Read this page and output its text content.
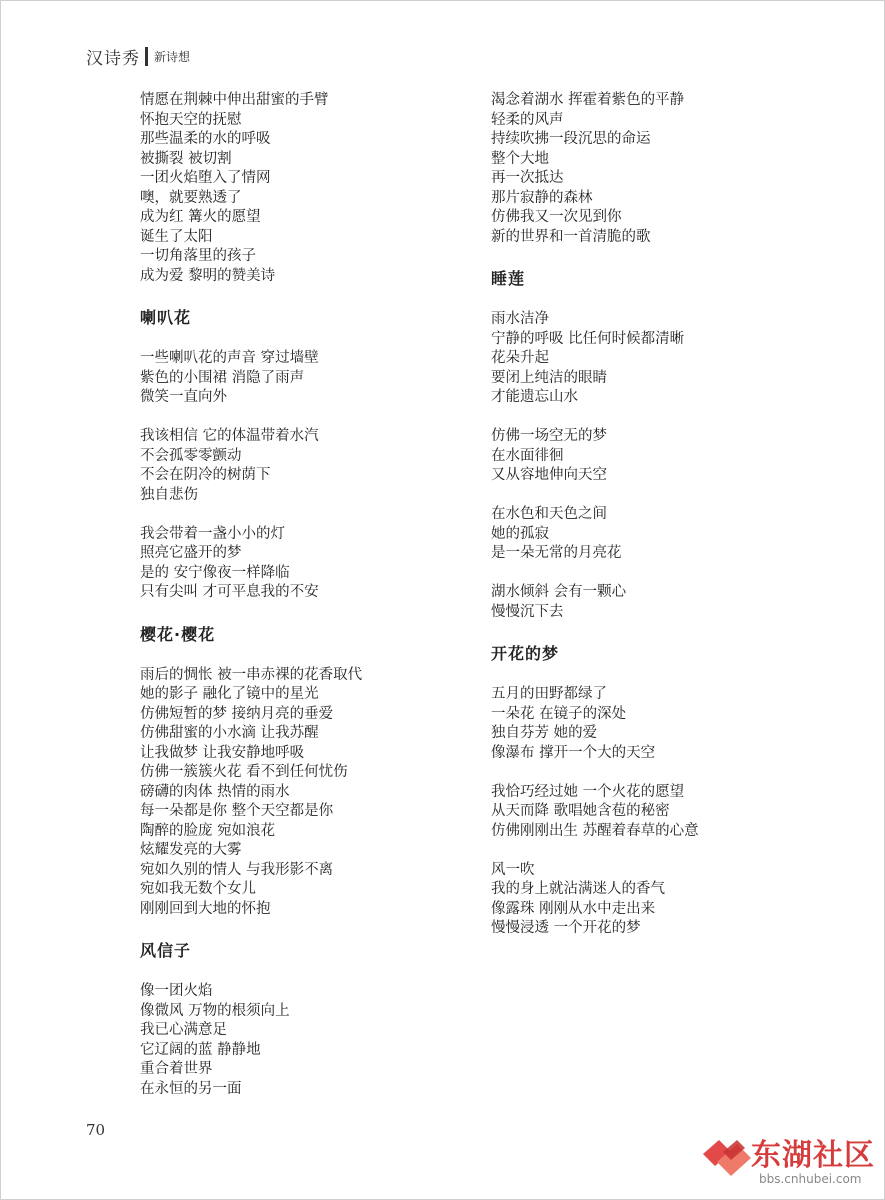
汉诗秀 新诗想
情愿在荆棘中伸出甜蜜的手臂
怀抱天空的抚慰
那些温柔的水的呼吸
被撕裂 被切割
一团火焰堕入了情网
噢，就要熟透了
成为红 篝火的愿望
诞生了太阳
一切角落里的孩子
成为爱 黎明的赞美诗
喇叭花
一些喇叭花的声音 穿过墙壁
紫色的小围裙 消隐了雨声
微笑一直向外
我该相信 它的体温带着水汽
不会孤零零颤动
不会在阴冷的树荫下
独自悲伤
我会带着一盏小小的灯
照亮它盛开的梦
是的 安宁像夜一样降临
只有尖叫 才可平息我的不安
樱花·樱花
雨后的惆怅 被一串赤裸的花香取代
她的影子 融化了镜中的星光
仿佛短暂的梦 接纳月亮的垂爱
仿佛甜蜜的小水滴 让我苏醒
让我做梦 让我安静地呼吸
仿佛一簇簇火花 看不到任何忧伤
磅礴的肉体 热情的雨水
每一朵都是你 整个天空都是你
陶醉的脸庞 宛如浪花
炫耀发亮的大雾
宛如久别的情人 与我形影不离
宛如我无数个女儿
刚刚回到大地的怀抱
风信子
像一团火焰
像微风 万物的根须向上
我已心满意足
它辽阔的蓝 静静地
重合着世界
在永恒的另一面
渴念着湖水 挥霍着紫色的平静
轻柔的风声
持续吹拂一段沉思的命运
整个大地
再一次抵达
那片寂静的森林
仿佛我又一次见到你
新的世界和一首清脆的歌
睡莲
雨水洁净
宁静的呼吸 比任何时候都清晰
花朵升起
要闭上纯洁的眼睛
才能遗忘山水
仿佛一场空无的梦
在水面徘徊
又从容地伸向天空
在水色和天色之间
她的孤寂
是一朵无常的月亮花
湖水倾斜 会有一颗心
慢慢沉下去
开花的梦
五月的田野都绿了
一朵花 在镜子的深处
独自芬芳 她的爱
像瀑布 撑开一个大的天空
我恰巧经过她 一个火花的愿望
从天而降 歌唱她含苞的秘密
仿佛刚刚出生 苏醒着春草的心意
风一吹
我的身上就沾满迷人的香气
像露珠 刚刚从水中走出来
慢慢浸透 一个开花的梦
70
东湖社区
bbs.cnhubei.com
